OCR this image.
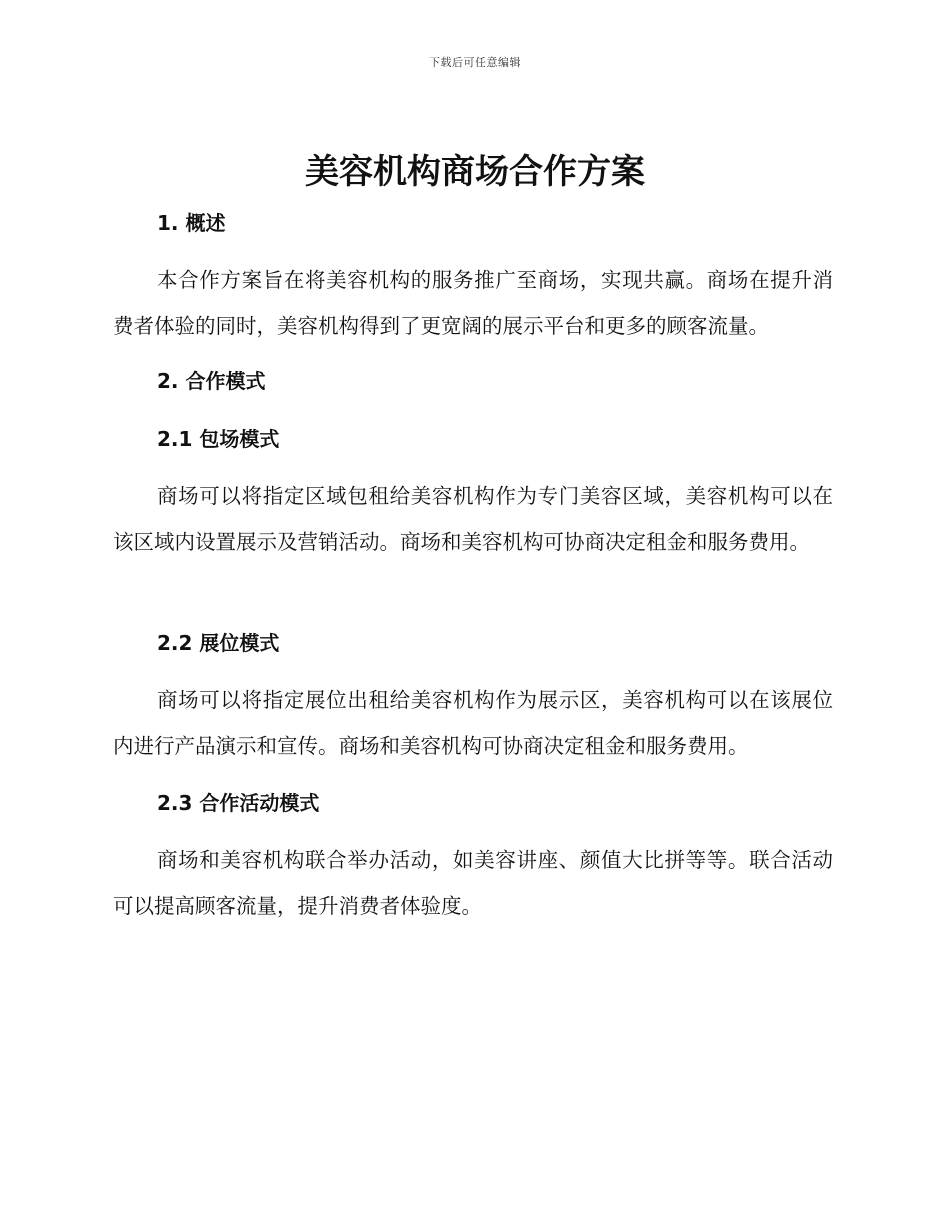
下载后可任意编辑
美容机构商场合作方案
1. 概述

本合作方案旨在将美容机构的服务推广至商场，实现共赢。商场在提升消费者体验的同时，美容机构得到了更宽阔的展示平台和更多的顾客流量。

2. 合作模式
2.1 包场模式

商场可以将指定区域包租给美容机构作为专门美容区域，美容机构可以在该区域内设置展示及营销活动。商场和美容机构可协商决定租金和服务费用。

2.2 展位模式

商场可以将指定展位出租给美容机构作为展示区，美容机构可以在该展位内进行产品演示和宣传。商场和美容机构可协商决定租金和服务费用。

2.3 合作活动模式

商场和美容机构联合举办活动，如美容讲座、颜值大比拼等等。联合活动可以提高顾客流量，提升消费者体验度。
